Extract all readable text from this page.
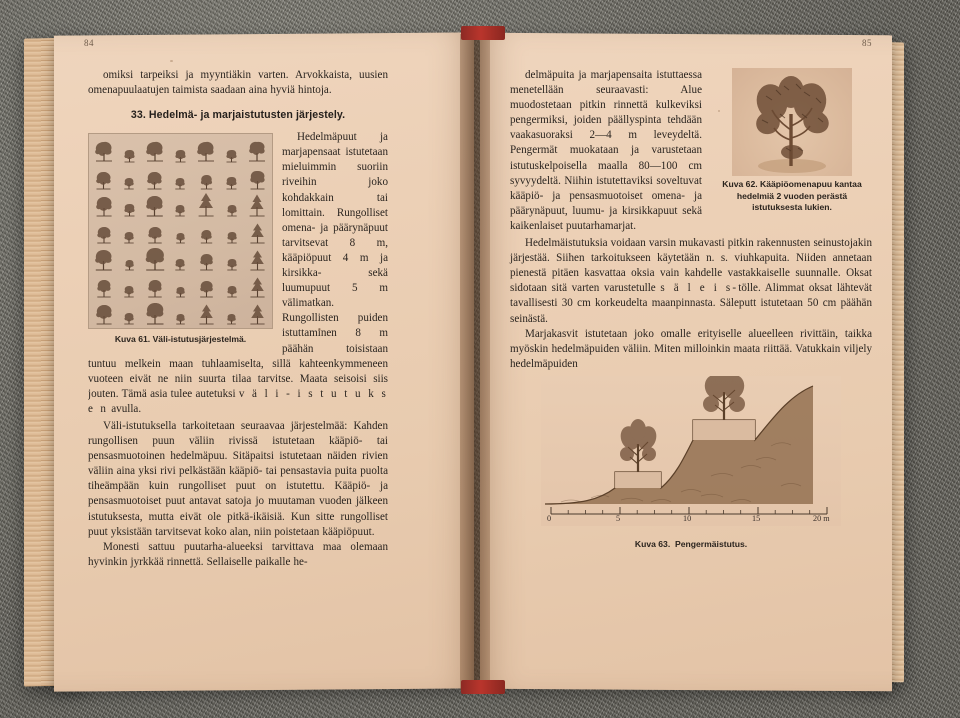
84

omiksi tarpeiksi ja myyntiäkin varten. Arvokkaista, uusien omenapuulaatujen taimista saadaan aina hyviä hintoja.

33. Hedelmä- ja marjaistutusten järjestely.
Kuva 61. Väli-istutusjärjestelmä.

Hedelmäpuut ja marjapensaat istutetaan mieluimmin suoriin riveihin joko kohdakkain tai lomittain. Rungolliset omena- ja päärynäpuut tarvitsevat 8 m, kääpiöpuut 4 m ja kirsikka- sekä luumupuut 5 m välimatkan. Rungollisten puiden istuttaminen 8 m päähän toisistaan tuntuu melkein maan tuhlaamiselta, sillä kahteenkymmeneen vuoteen eivät ne niin suurta tilaa tarvitse. Maata seisoisi siis jouten. Tämä asia tulee autetuksi v ä l i - i s t u t u k s e n avulla.

Väli-istutuksella tarkoitetaan seuraavaa järjestelmää: Kahden rungollisen puun väliin rivissä istutetaan kääpiö- tai pensasmuotoinen hedelmäpuu. Sitäpaitsi istutetaan näiden rivien väliin aina yksi rivi pelkästään kääpiö- tai pensastavia puita puolta tiheämpään kuin rungolliset puut on istutettu. Kääpiö- ja pensasmuotoiset puut antavat satoja jo muutaman vuoden jälkeen istutuksesta, mutta eivät ole pitkä-ikäisiä. Kun sitte rungolliset puut yksistään tarvitsevat koko alan, niin poistetaan kääpiöpuut.

Monesti sattuu puutarha-alueeksi tarvittava maa olemaan hyvinkin jyrkkää rinnettä. Sellaiselle paikalle he-

85
Kuva 62. Kääpiöomenapuu kantaa hedelmiä 2 vuoden perästä istutuksesta lukien.

delmäpuita ja marjapensaita istuttaessa menetellään seuraavasti: Alue muodostetaan pitkin rinnettä kulkeviksi pengermiksi, joiden päällyspinta tehdään vaakasuoraksi 2—4 m leveydeltä. Pengermät muokataan ja varustetaan istutuskelpoisella maalla 80—100 cm syvyydeltä. Niihin istutettaviksi soveltuvat kääpiö- ja pensasmuotoiset omena- ja päärynäpuut, luumu- ja kirsikkapuut sekä kaikenlaiset puutarhamarjat.

Hedelmäistutuksia voidaan varsin mukavasti pitkin rakennusten seinustojakin järjestää. Siihen tarkoitukseen käytetään n. s. viuhkapuita. Niiden annetaan pienestä pitäen kasvattaa oksia vain kahdelle vastakkaiselle suunnalle. Oksat sidotaan sitä varten varustetulle s ä l e i s-tölle. Alimmat oksat lähtevät tavallisesti 30 cm korkeudelta maanpinnasta. Säleputt istutetaan 50 cm päähän seinästä.

Marjakasvit istutetaan joko omalle erityiselle alueelleen rivittäin, taikka myöskin hedelmäpuiden väliin. Miten milloinkin maata riittää. Vatukkain viljely hedelmäpuiden

0	5	10	15	20 m
Kuva 63. Pengermäistutus.
